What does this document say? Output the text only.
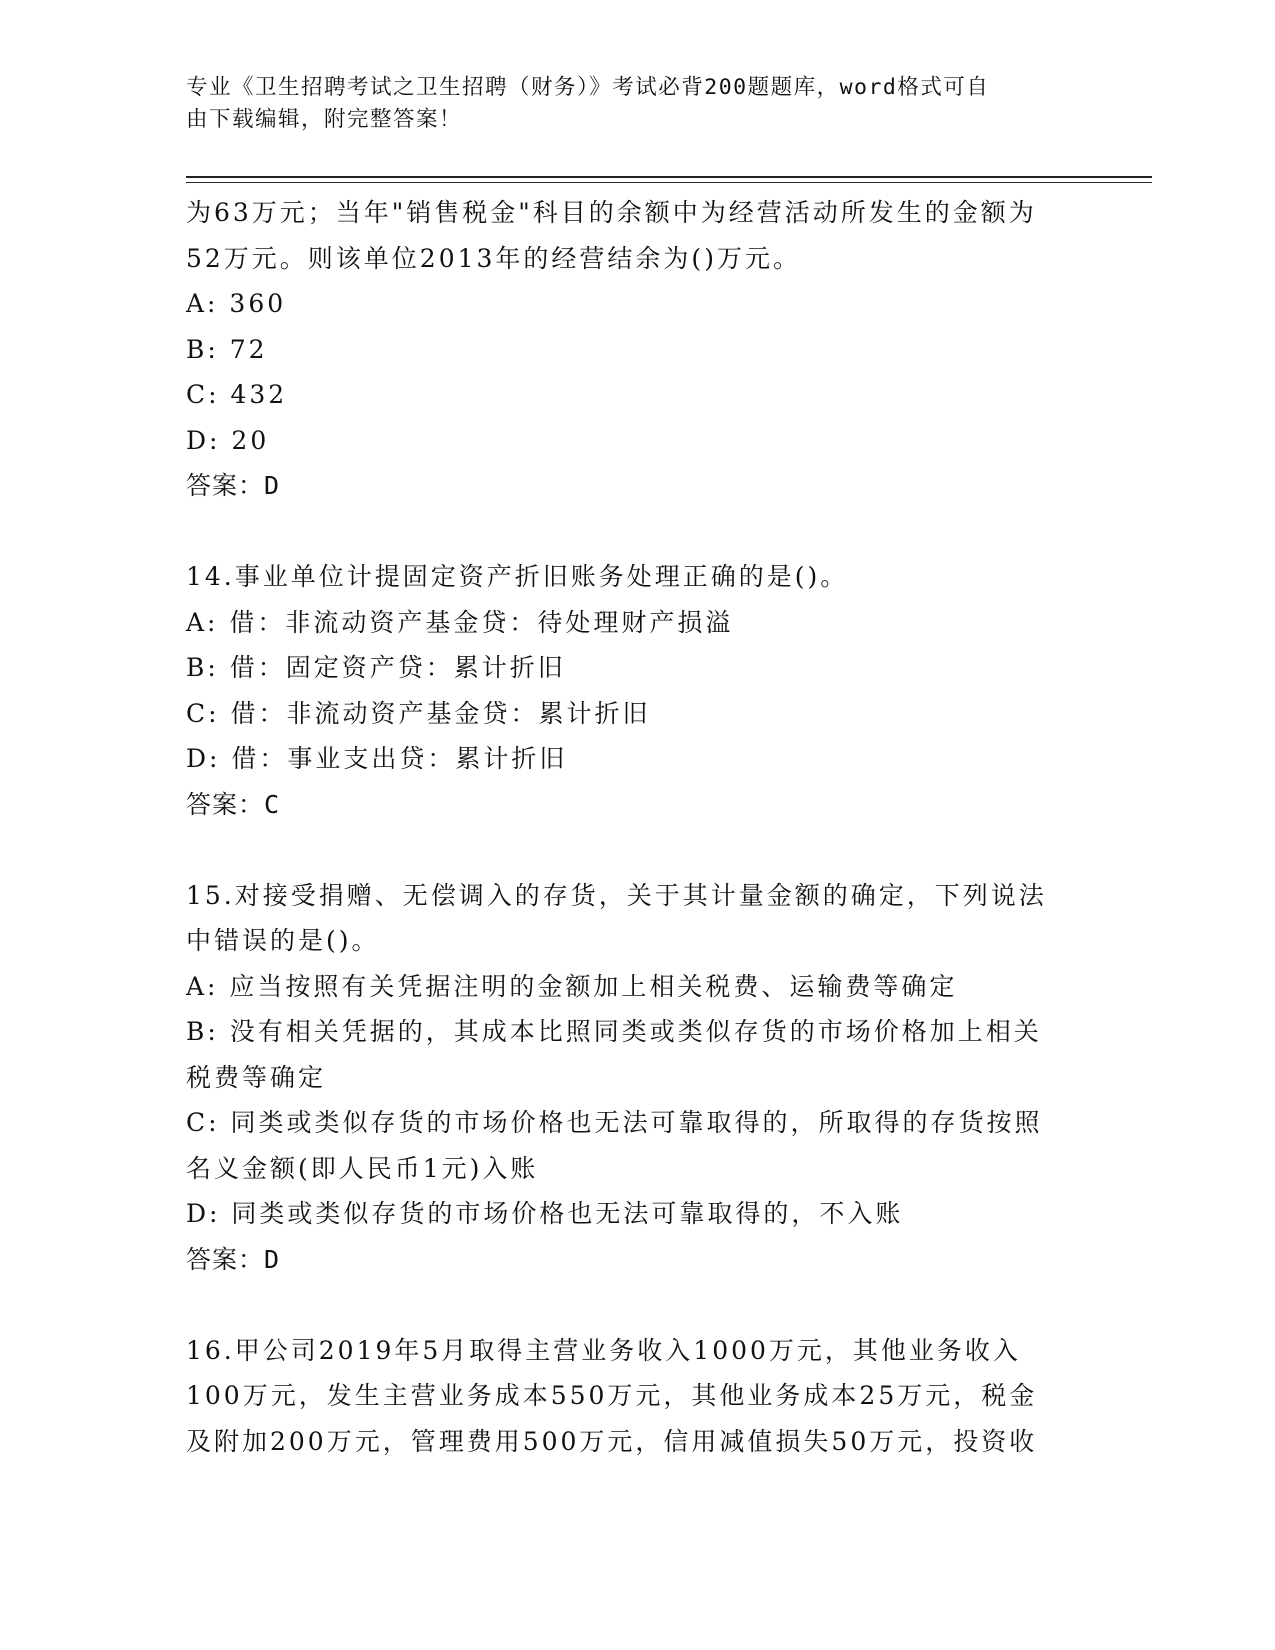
专业《卫生招聘考试之卫生招聘（财务）》考试必背200题题库，word格式可自
由下载编辑，附完整答案！
为63万元；当年"销售税金"科目的余额中为经营活动所发生的金额为
52万元。则该单位2013年的经营结余为()万元。
A: 360
B: 72
C: 432
D: 20
答案：D
14.事业单位计提固定资产折旧账务处理正确的是()。
A: 借：非流动资产基金贷：待处理财产损溢
B: 借：固定资产贷：累计折旧
C: 借：非流动资产基金贷：累计折旧
D: 借：事业支出贷：累计折旧
答案：C
15.对接受捐赠、无偿调入的存货，关于其计量金额的确定，下列说法
中错误的是()。
A: 应当按照有关凭据注明的金额加上相关税费、运输费等确定
B: 没有相关凭据的，其成本比照同类或类似存货的市场价格加上相关
税费等确定
C: 同类或类似存货的市场价格也无法可靠取得的，所取得的存货按照
名义金额(即人民币1元)入账
D: 同类或类似存货的市场价格也无法可靠取得的，不入账
答案：D
16.甲公司2019年5月取得主营业务收入1000万元，其他业务收入
100万元，发生主营业务成本550万元，其他业务成本25万元，税金
及附加200万元，管理费用500万元，信用减值损失50万元，投资收
